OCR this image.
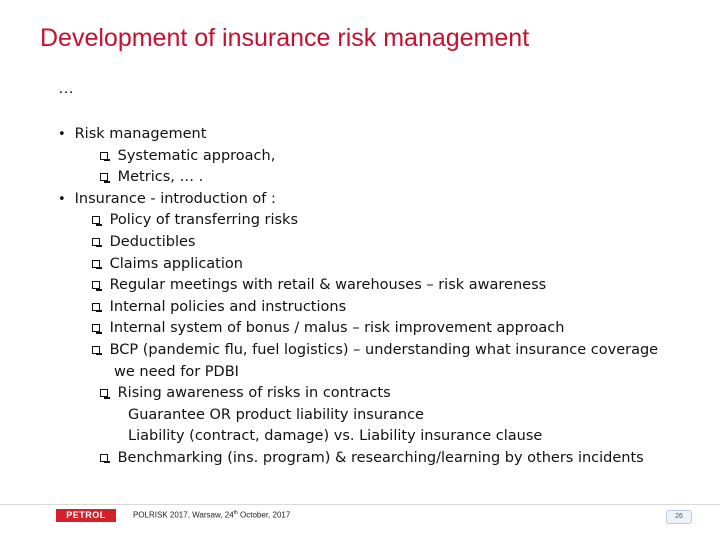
Development of insurance risk management
…
• Risk management
Systematic approach,
Metrics, … .
• Insurance - introduction of :
Policy of transferring risks
Deductibles
Claims application
Regular meetings with retail & warehouses – risk awareness
Internal policies and instructions
Internal system of bonus / malus – risk improvement approach
BCP (pandemic flu, fuel logistics) – understanding what insurance coverage
we need for PDBI
Rising awareness of risks in contracts
Guarantee OR product liability insurance
Liability (contract, damage) vs. Liability insurance clause
Benchmarking (ins. program) & researching/learning by others incidents
PETROL	POLRISK 2017, Warsaw, 24th October, 2017	26
